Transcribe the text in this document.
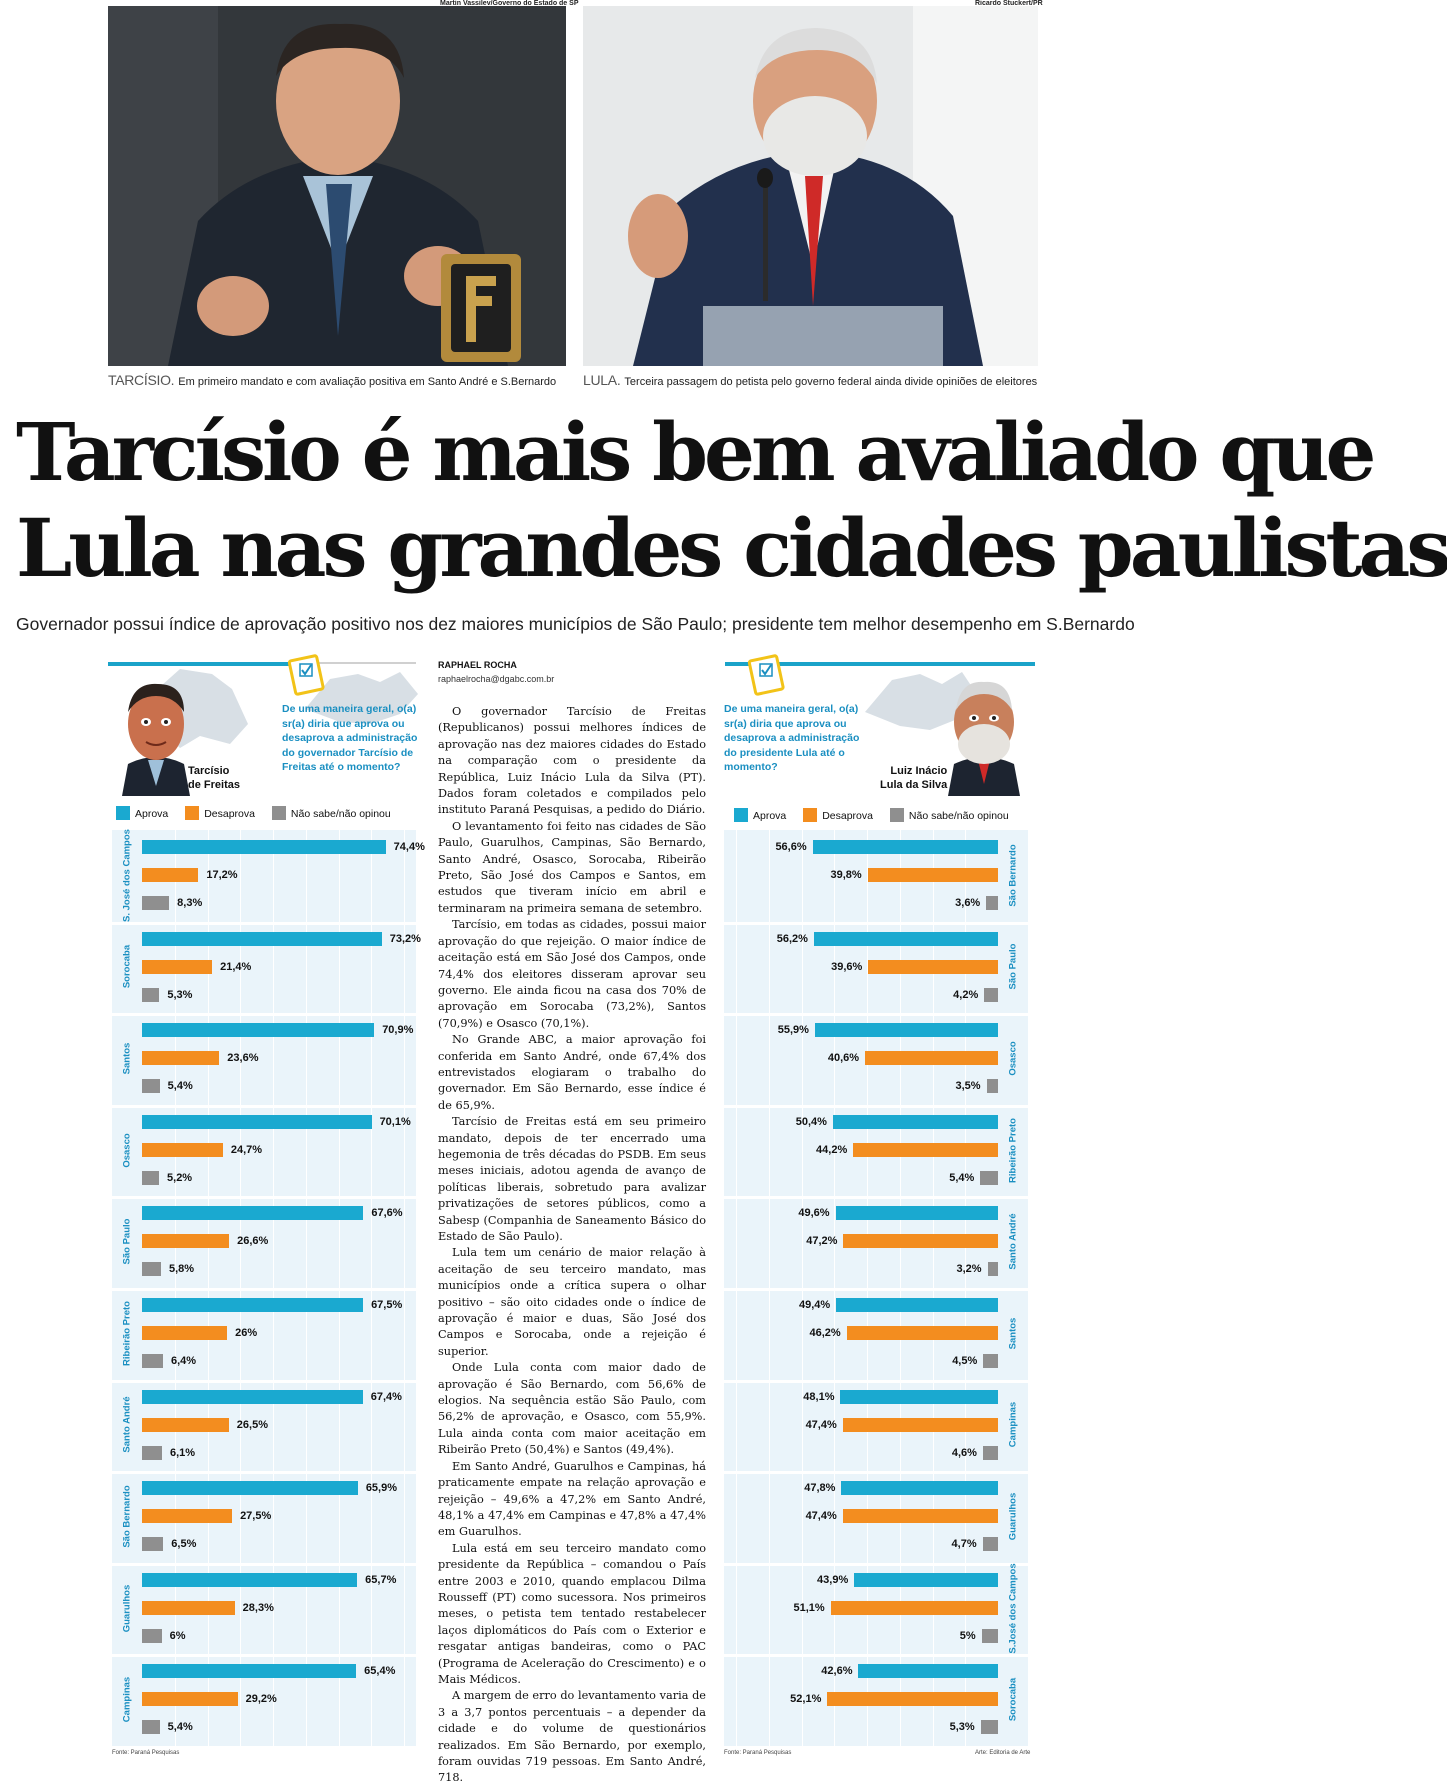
Martin Vassilev/Governo do Estado de SP	Ricardo Stuckert/PR
TARCÍSIO. Em primeiro mandato e com avaliação positiva em Santo André e S.Bernardo LULA. Terceira passagem do petista pelo governo federal ainda divide opiniões de eleitores
Tarcísio é mais bem avaliado que
Lula nas grandes cidades paulistas
Governador possui índice de aprovação positivo nos dez maiores municípios de São Paulo; presidente tem melhor desempenho em S.Bernardo
Tarcísio
de Freitas
De uma maneira geral, o(a) sr(a) diria que aprova ou desaprova a administração do governador Tarcísio de Freitas até o momento?
Aprova	Desaprova	Não sabe/não opinou
S. José dos Campos	74,4%
17,2%
8,3%
Sorocaba
73,2%
21,4%
5,3%
Santos
70,9%
23,6%
5,4%
Osasco
70,1%
24,7%
5,2%
São Paulo
67,6%
26,6%
5,8%
Ribeirão Preto	67,5%
26%
6,4%
Santo André
67,4%
26,5%
6,1%
São Bernardo	65,9%
27,5%
6,5%
Guarulhos
65,7%
28,3%
6%
Campinas
65,4%
29,2%
5,4%
Fonte: Paraná Pesquisas
RAPHAEL ROCHA
raphaelrocha@dgabc.com.br

O governador Tarcísio de Freitas (Republicanos) possui melhores índices de aprovação nas dez maiores cidades do Estado na comparação com o presidente da República, Luiz Inácio Lula da Silva (PT). Dados foram coletados e compilados pelo instituto Paraná Pesquisas, a pedido do Diário.

O levantamento foi feito nas cidades de São Paulo, Guarulhos, Campinas, São Bernardo, Santo André, Osasco, Sorocaba, Ribeirão Preto, São José dos Campos e Santos, em estudos que tiveram início em abril e terminaram na primeira semana de setembro.

Tarcísio, em todas as cidades, possui maior aprovação do que rejeição. O maior índice de aceitação está em São José dos Campos, onde 74,4% dos eleitores disseram aprovar seu governo. Ele ainda ficou na casa dos 70% de aprovação em Sorocaba (73,2%), Santos (70,9%) e Osasco (70,1%).

No Grande ABC, a maior aprovação foi conferida em Santo André, onde 67,4% dos entrevistados elogiaram o trabalho do governador. Em São Bernardo, esse índice é de 65,9%.

Tarcísio de Freitas está em seu primeiro mandato, depois de ter encerrado uma hegemonia de três décadas do PSDB. Em seus meses iniciais, adotou agenda de avanço de políticas liberais, sobretudo para avalizar privatizações de setores públicos, como a Sabesp (Companhia de Saneamento Básico do Estado de São Paulo).

Lula tem um cenário de maior relação à aceitação de seu terceiro mandato, mas municípios onde a crítica supera o olhar positivo – são oito cidades onde o índice de aprovação é maior e duas, São José dos Campos e Sorocaba, onde a rejeição é superior.

Onde Lula conta com maior dado de aprovação é São Bernardo, com 56,6% de elogios. Na sequência estão São Paulo, com 56,2% de aprovação, e Osasco, com 55,9%. Lula ainda conta com maior aceitação em Ribeirão Preto (50,4%) e Santos (49,4%).

Em Santo André, Guarulhos e Campinas, há praticamente empate na relação aprovação e rejeição – 49,6% a 47,2% em Santo André, 48,1% a 47,4% em Campinas e 47,8% a 47,4% em Guarulhos.

Lula está em seu terceiro mandato como presidente da República – comandou o País entre 2003 e 2010, quando emplacou Dilma Rousseff (PT) como sucessora. Nos primeiros meses, o petista tem tentado restabelecer laços diplomáticos do País com o Exterior e resgatar antigas bandeiras, como o PAC (Programa de Aceleração do Crescimento) e o Mais Médicos.

A margem de erro do levantamento varia de 3 a 3,7 pontos percentuais – a depender da cidade e do volume de questionários realizados. Em São Bernardo, por exemplo, foram ouvidas 719 pessoas. Em Santo André, 718.

De uma maneira geral, o(a) sr(a) diria que aprova ou desaprova a administração do presidente Lula até o momento?	Luiz Inácio
Lula da Silva
Aprova	Desaprova	Não sabe/não opinou
São Bernardo
56,6%
39,8%
3,6%
São Paulo
56,2%
39,6%
4,2%
Osasco
55,9%
40,6%
3,5%
Ribeirão Preto
50,4%
44,2%
5,4%
Santo André
49,6%
47,2%
3,2%
Santos
49,4%
46,2%
4,5%
Campinas
48,1%
47,4%
4,6%
Guarulhos
47,8%
47,4%
4,7%
S.José dos Campos
43,9%
51,1%
5%
Sorocaba
42,6%
52,1%
5,3%
Fonte: Paraná Pesquisas	Arte: Editoria de Arte
